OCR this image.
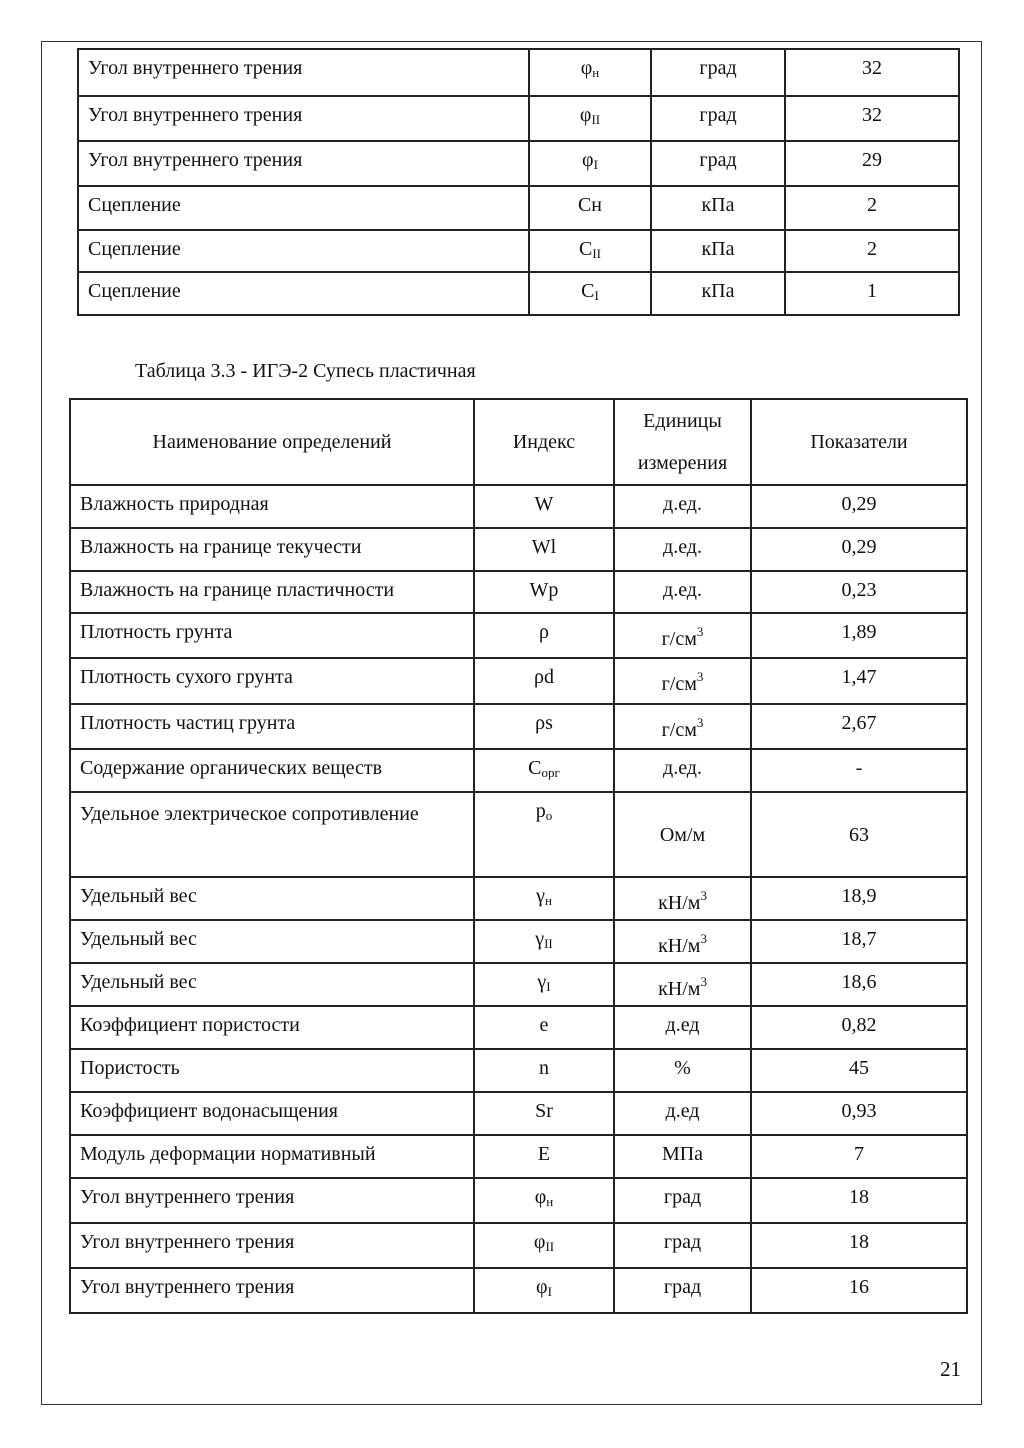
Угол внутреннего трения	$\varphi_н$	град	32
Угол внутреннего трения	$\varphi_{II}$	град	32
Угол внутреннего трения	$\varphi_I$	град	29
Сцепление	Сн	кПа	2
Сцепление	$С_{II}$	кПа	2
Сцепление	$С_I$	кПа	1
Таблица 3.3 - ИГЭ-2 Супесь пластичная
Наименование определений	Индекс	Единицы измерения	Показатели
Влажность природная	W	д.ед.	0,29
Влажность на границе текучести	Wl	д.ед.	0,29
Влажность на границе пластичности	Wp	д.ед.	0,23
Плотность грунта	ρ	$г/см^3$	1,89
Плотность сухого грунта	ρd	$г/см^3$	1,47
Плотность частиц грунта	ρs	$г/см^3$	2,67
Содержание органических веществ	$С_{орг}$	д.ед.	-
Удельное электрическое сопротивление	$p_o$	Ом/м	63
Удельный вес	$\gamma_н$	$кН/м^3$	18,9
Удельный вес	$\gamma_{II}$	$кН/м^3$	18,7
Удельный вес	$\gamma_I$	$кН/м^3$	18,6
Коэффициент пористости	e	д.ед	0,82
Пористость	n	%	45
Коэффициент водонасыщения	Sr	д.ед	0,93
Модуль деформации нормативный	E	МПа	7
Угол внутреннего трения	$\varphi_н$	град	18
Угол внутреннего трения	$\varphi_{II}$	град	18
Угол внутреннего трения	$\varphi_I$	град	16
21
